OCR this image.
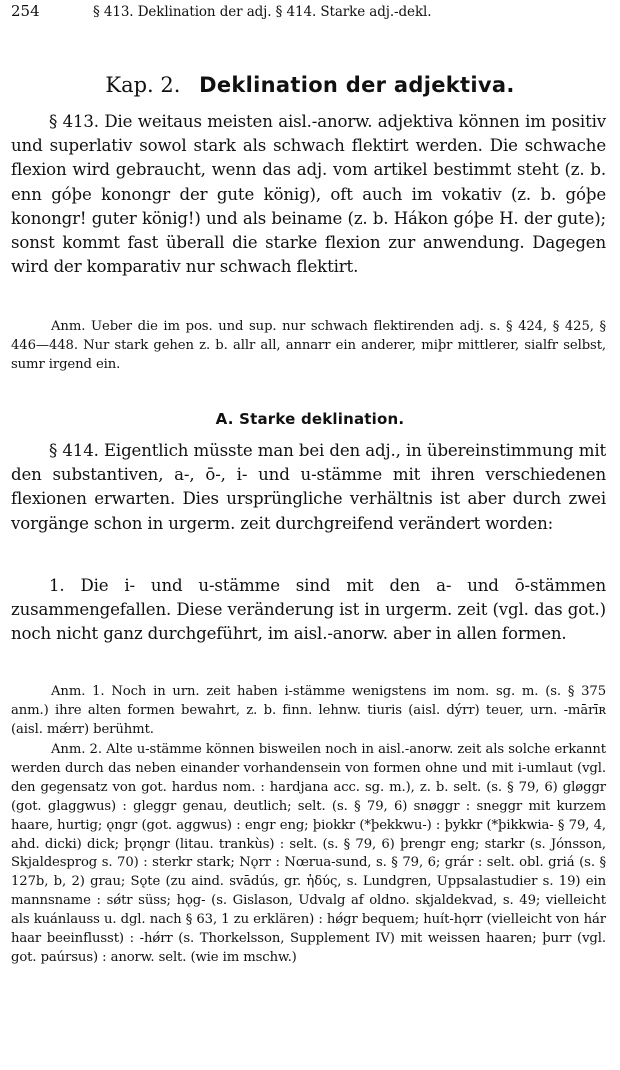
254	§ 413. Deklination der adj. § 414. Starke adj.-dekl.
Kap. 2. Deklination der adjektiva.

§ 413. Die weitaus meisten aisl.-anorw. adjektiva können im positiv und superlativ sowol stark als schwach flektirt werden. Die schwache flexion wird gebraucht, wenn das adj. vom artikel bestimmt steht (z. b. enn góþe konongr der gute könig), oft auch im vokativ (z. b. góþe konongr! guter könig!) und als beiname (z. b. Hákon góþe H. der gute); sonst kommt fast überall die starke flexion zur anwendung. Dagegen wird der komparativ nur schwach flektirt.

Anm. Ueber die im pos. und sup. nur schwach flektirenden adj. s. § 424, § 425, § 446—448. Nur stark gehen z. b. allr all, annarr ein anderer, miþr mittlerer, sialfr selbst, sumr irgend ein.

A. Starke deklination.

§ 414. Eigentlich müsste man bei den adj., in übereinstimmung mit den substantiven, a-, ō-, i- und u-stämme mit ihren verschiedenen flexionen erwarten. Dies ursprüngliche verhältnis ist aber durch zwei vorgänge schon in urgerm. zeit durchgreifend verändert worden:

1. Die i- und u-stämme sind mit den a- und ō-stämmen zusammengefallen. Diese veränderung ist in urgerm. zeit (vgl. das got.) noch nicht ganz durchgeführt, im aisl.-anorw. aber in allen formen.

Anm. 1. Noch in urn. zeit haben i-stämme wenigstens im nom. sg. m. (s. § 375 anm.) ihre alten formen bewahrt, z. b. finn. lehnw. tiuris (aisl. dýrr) teuer, urn. -mārīʀ (aisl. mǽrr) berühmt.

Anm. 2. Alte u-stämme können bisweilen noch in aisl.-anorw. zeit als solche erkannt werden durch das neben einander vorhandensein von formen ohne und mit i-umlaut (vgl. den gegensatz von got. hardus nom. : hardjana acc. sg. m.), z. b. selt. (s. § 79, 6) gløggr (got. glaggwus) : gleggr genau, deutlich; selt. (s. § 79, 6) snøggr : sneggr mit kurzem haare, hurtig; ǫngr (got. aggwus) : engr eng; þiokkr (*þekkwu-) : þykkr (*þikkwia- § 79, 4, ahd. dicki) dick; þrǫngr (litau. trankùs) : selt. (s. § 79, 6) þrengr eng; starkr (s. Jónsson, Skjaldesprog s. 70) : sterkr stark; Nǫrr : Nœrua-sund, s. § 79, 6; grár : selt. obl. griá (s. § 127b, b, 2) grau; Sǫte (zu aind. svādús, gr. ἡδύς, s. Lundgren, Uppsalastudier s. 19) ein mannsname : sǿtr süss; hǫg- (s. Gislason, Udvalg af oldno. skjaldekvad, s. 49; vielleicht als kuánlauss u. dgl. nach § 63, 1 zu erklären) : hǿgr bequem; huít-hǫrr (vielleicht von hár haar beeinflusst) : -hǿrr (s. Thorkelsson, Supplement IV) mit weissen haaren; þurr (vgl. got. paúrsus) : anorw. selt. (wie im mschw.)
